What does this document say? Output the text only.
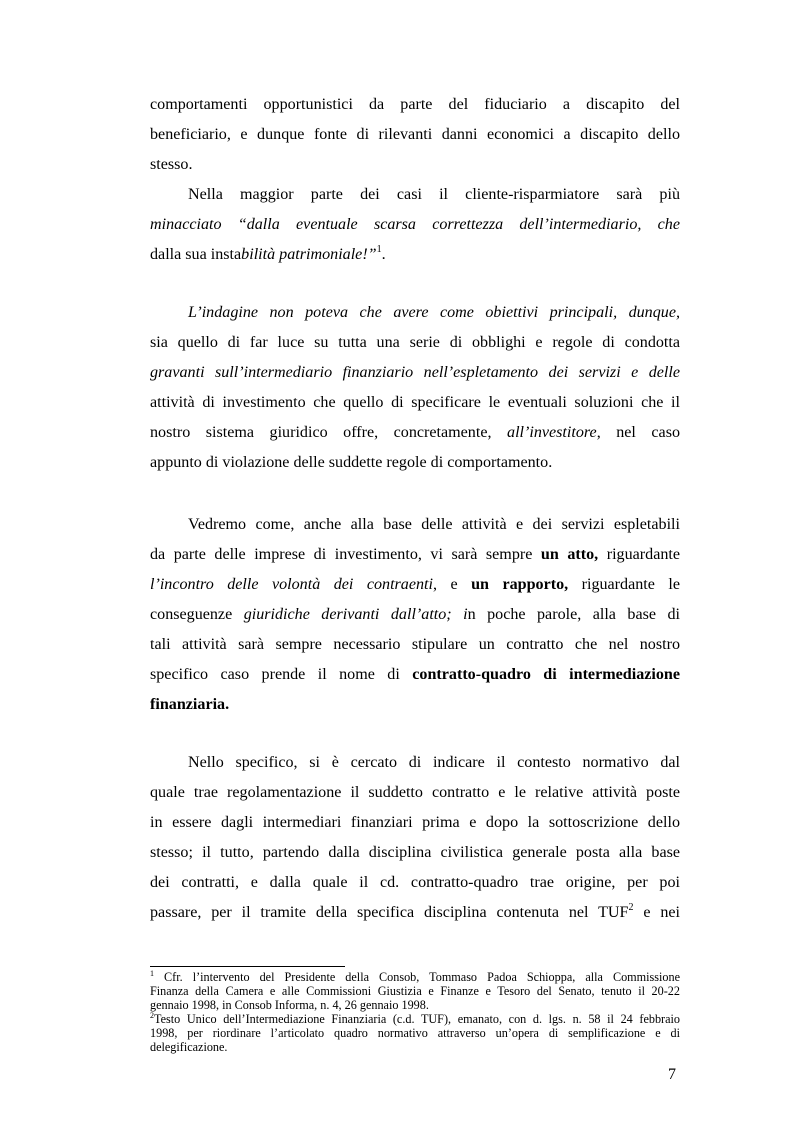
comportamenti opportunistici da parte del fiduciario a discapito del
beneficiario, e dunque fonte di rilevanti danni economici a discapito dello
stesso.
Nella maggior parte dei casi il cliente-risparmiatore sarà più
minacciato “dalla eventuale scarsa correttezza dell’intermediario, che
dalla sua instabilità patrimoniale!”$^1$.
L’indagine non poteva che avere come obiettivi principali, dunque,
sia quello di far luce su tutta una serie di obblighi e regole di condotta
gravanti sull’intermediario finanziario nell’espletamento dei servizi e delle
attività di investimento che quello di specificare le eventuali soluzioni che il
nostro sistema giuridico offre, concretamente, all’investitore, nel caso
appunto di violazione delle suddette regole di comportamento.
Vedremo come, anche alla base delle attività e dei servizi espletabili
da parte delle imprese di investimento, vi sarà sempre un atto, riguardante
l’incontro delle volontà dei contraenti, e un rapporto, riguardante le
conseguenze giuridiche derivanti dall’atto; in poche parole, alla base di
tali attività sarà sempre necessario stipulare un contratto che nel nostro
specifico caso prende il nome di contratto-quadro di intermediazione
finanziaria.
Nello specifico, si è cercato di indicare il contesto normativo dal
quale trae regolamentazione il suddetto contratto e le relative attività poste
in essere dagli intermediari finanziari prima e dopo la sottoscrizione dello
stesso; il tutto, partendo dalla disciplina civilistica generale posta alla base
dei contratti, e dalla quale il cd. contratto-quadro trae origine, per poi
passare, per il tramite della specifica disciplina contenuta nel TUF$^2$ e nei
$^1$ Cfr. l’intervento del Presidente della Consob, Tommaso Padoa Schioppa, alla Commissione
Finanza della Camera e alle Commissioni Giustizia e Finanze e Tesoro del Senato, tenuto il 20-22
gennaio 1998, in Consob Informa, n. 4, 26 gennaio 1998.
$^2$Testo Unico dell’Intermediazione Finanziaria (c.d. TUF), emanato, con d. lgs. n. 58 il 24 febbraio
1998, per riordinare l’articolato quadro normativo attraverso un’opera di semplificazione e di
delegificazione.
7
